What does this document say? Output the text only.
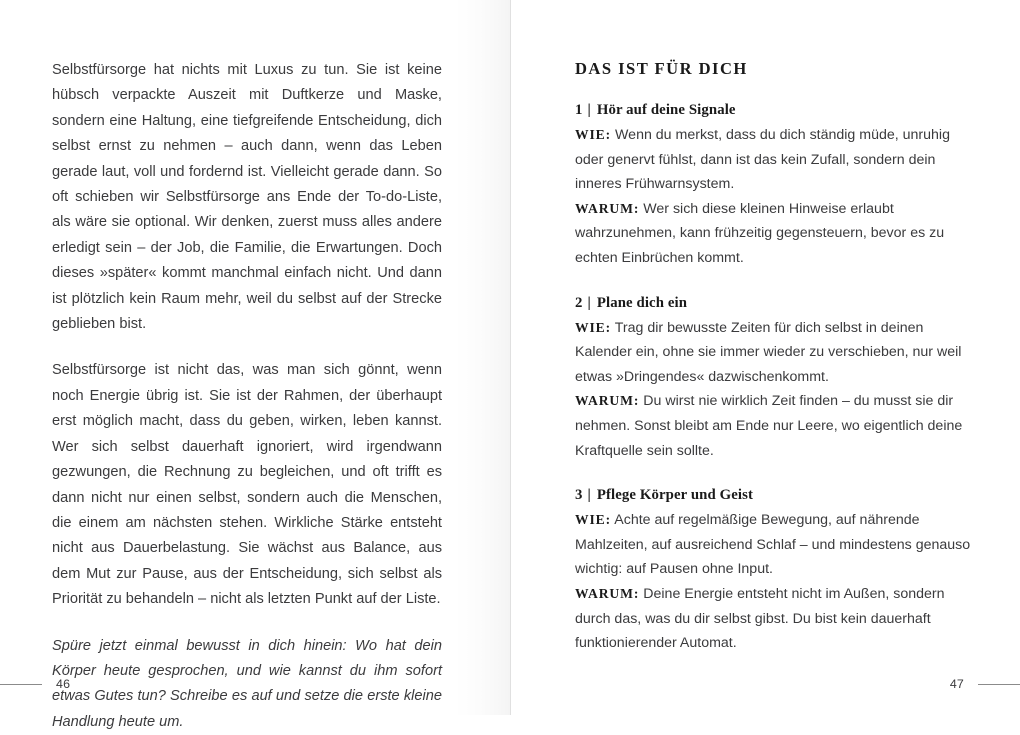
Selbstfürsorge hat nichts mit Luxus zu tun. Sie ist keine hübsch verpackte Auszeit mit Duftkerze und Maske, sondern eine Haltung, eine tiefgreifende Entscheidung, dich selbst ernst zu nehmen – auch dann, wenn das Leben gerade laut, voll und fordernd ist. Vielleicht gerade dann. So oft schieben wir Selbstfürsorge ans Ende der To-do-Liste, als wäre sie optional. Wir denken, zuerst muss alles andere erledigt sein – der Job, die Familie, die Erwartungen. Doch dieses »später« kommt manchmal einfach nicht. Und dann ist plötzlich kein Raum mehr, weil du selbst auf der Strecke geblieben bist.

Selbstfürsorge ist nicht das, was man sich gönnt, wenn noch Energie übrig ist. Sie ist der Rahmen, der überhaupt erst möglich macht, dass du geben, wirken, leben kannst. Wer sich selbst dauerhaft ignoriert, wird irgendwann gezwungen, die Rechnung zu begleichen, und oft trifft es dann nicht nur einen selbst, sondern auch die Menschen, die einem am nächsten stehen. Wirkliche Stärke entsteht nicht aus Dauerbelastung. Sie wächst aus Balance, aus dem Mut zur Pause, aus der Entscheidung, sich selbst als Priorität zu behandeln – nicht als letzten Punkt auf der Liste.

Spüre jetzt einmal bewusst in dich hinein: Wo hat dein Körper heute gesprochen, und wie kannst du ihm sofort etwas Gutes tun? Schreibe es auf und setze die erste kleine Handlung heute um.

46
DAS IST FÜR DICH

1 | Hör auf deine Signale

WIE: Wenn du merkst, dass du dich ständig müde, unruhig oder genervt fühlst, dann ist das kein Zufall, sondern dein inneres Frühwarnsystem.

WARUM: Wer sich diese kleinen Hinweise erlaubt wahrzunehmen, kann frühzeitig gegensteuern, bevor es zu echten Einbrüchen kommt.

2 | Plane dich ein

WIE: Trag dir bewusste Zeiten für dich selbst in deinen Kalender ein, ohne sie immer wieder zu verschieben, nur weil etwas »Dringendes« dazwischenkommt.

WARUM: Du wirst nie wirklich Zeit finden – du musst sie dir nehmen. Sonst bleibt am Ende nur Leere, wo eigentlich deine Kraftquelle sein sollte.

3 | Pflege Körper und Geist

WIE: Achte auf regelmäßige Bewegung, auf nährende Mahlzeiten, auf ausreichend Schlaf – und mindestens genauso wichtig: auf Pausen ohne Input.

WARUM: Deine Energie entsteht nicht im Außen, sondern durch das, was du dir selbst gibst. Du bist kein dauerhaft funktionierender Automat.

47
